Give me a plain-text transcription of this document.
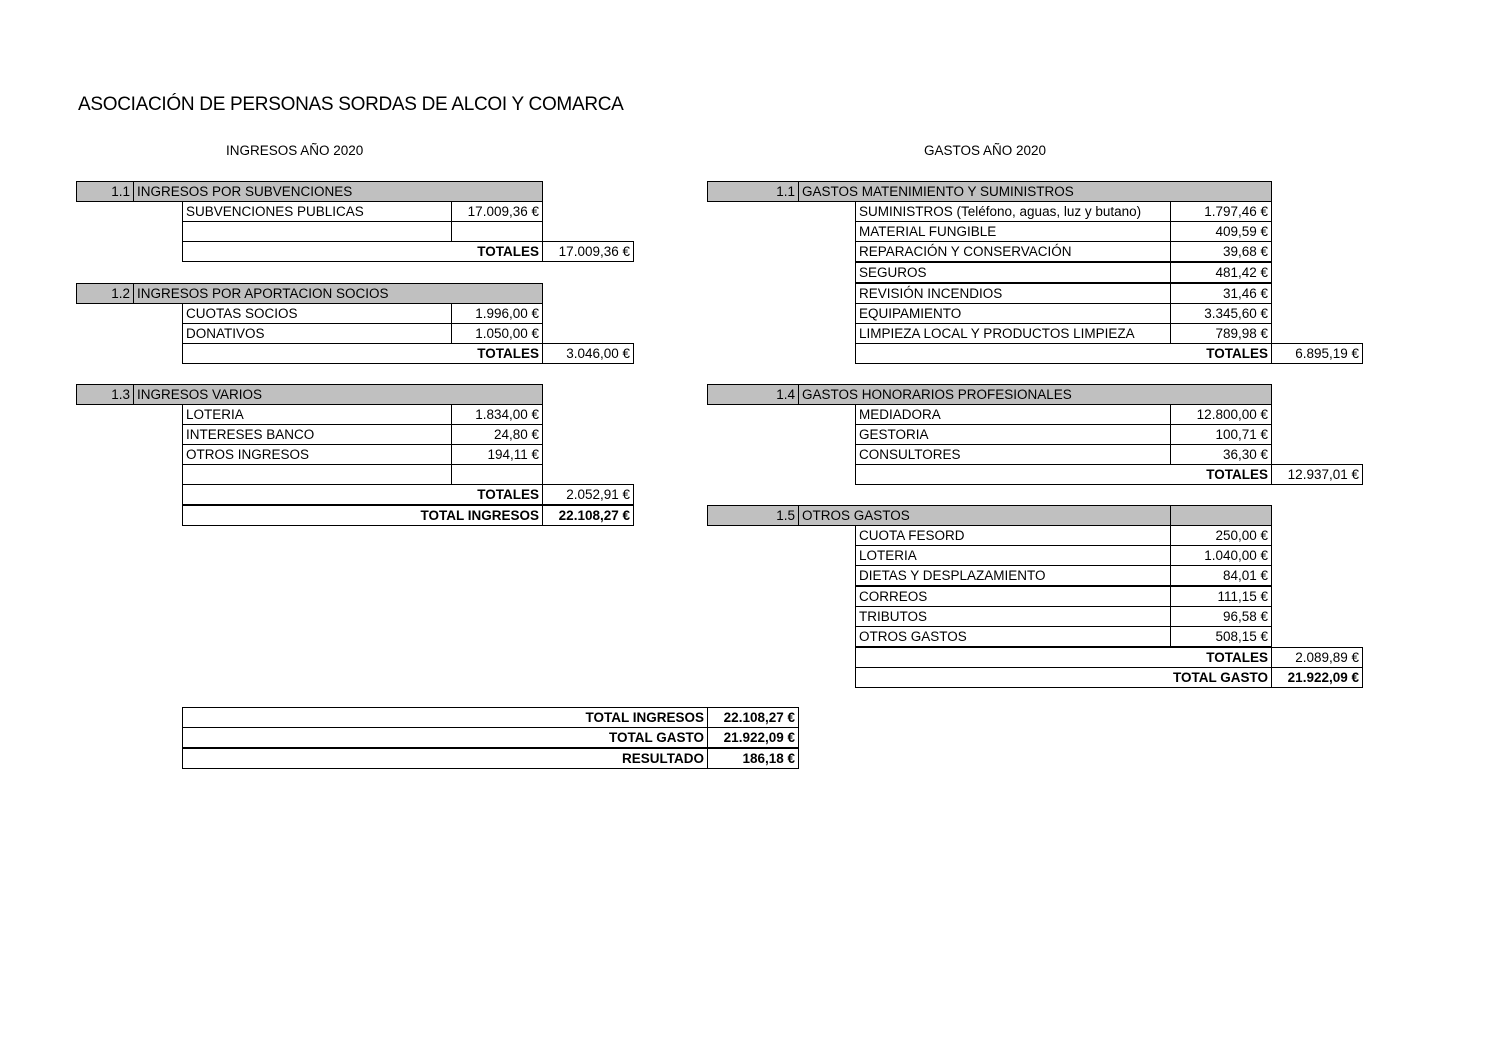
ASOCIACIÓN DE PERSONAS SORDAS DE ALCOI Y COMARCA
INGRESOS AÑO 2020	GASTOS AÑO 2020
1.1 INGRESOS POR SUBVENCIONES
SUBVENCIONES PUBLICAS	17.009,36 €
TOTALES	17.009,36 €
1.2 INGRESOS POR APORTACION SOCIOS
CUOTAS SOCIOS	1.996,00 €
DONATIVOS	1.050,00 €
TOTALES	3.046,00 €
1.3 INGRESOS VARIOS
LOTERIA	1.834,00 €
INTERESES BANCO	24,80 €
OTROS INGRESOS	194,11 €
TOTALES	2.052,91 €
TOTAL INGRESOS	22.108,27 €
1.1 GASTOS MATENIMIENTO Y SUMINISTROS
SUMINISTROS (Teléfono, aguas, luz y butano)	1.797,46 €
MATERIAL FUNGIBLE	409,59 €
REPARACIÓN Y CONSERVACIÓN	39,68 €
SEGUROS	481,42 €
REVISIÓN INCENDIOS	31,46 €
EQUIPAMIENTO	3.345,60 €
LIMPIEZA LOCAL Y PRODUCTOS LIMPIEZA	789,98 €
TOTALES	6.895,19 €
1.4 GASTOS HONORARIOS PROFESIONALES
MEDIADORA	12.800,00 €
GESTORIA	100,71 €
CONSULTORES	36,30 €
TOTALES	12.937,01 €
1.5 OTROS GASTOS
CUOTA FESORD	250,00 €
LOTERIA	1.040,00 €
DIETAS Y DESPLAZAMIENTO	84,01 €
CORREOS	111,15 €
TRIBUTOS	96,58 €
OTROS GASTOS	508,15 €
TOTALES	2.089,89 €
TOTAL GASTO	21.922,09 €
TOTAL INGRESOS	22.108,27 €
TOTAL GASTO	21.922,09 €
RESULTADO	186,18 €
